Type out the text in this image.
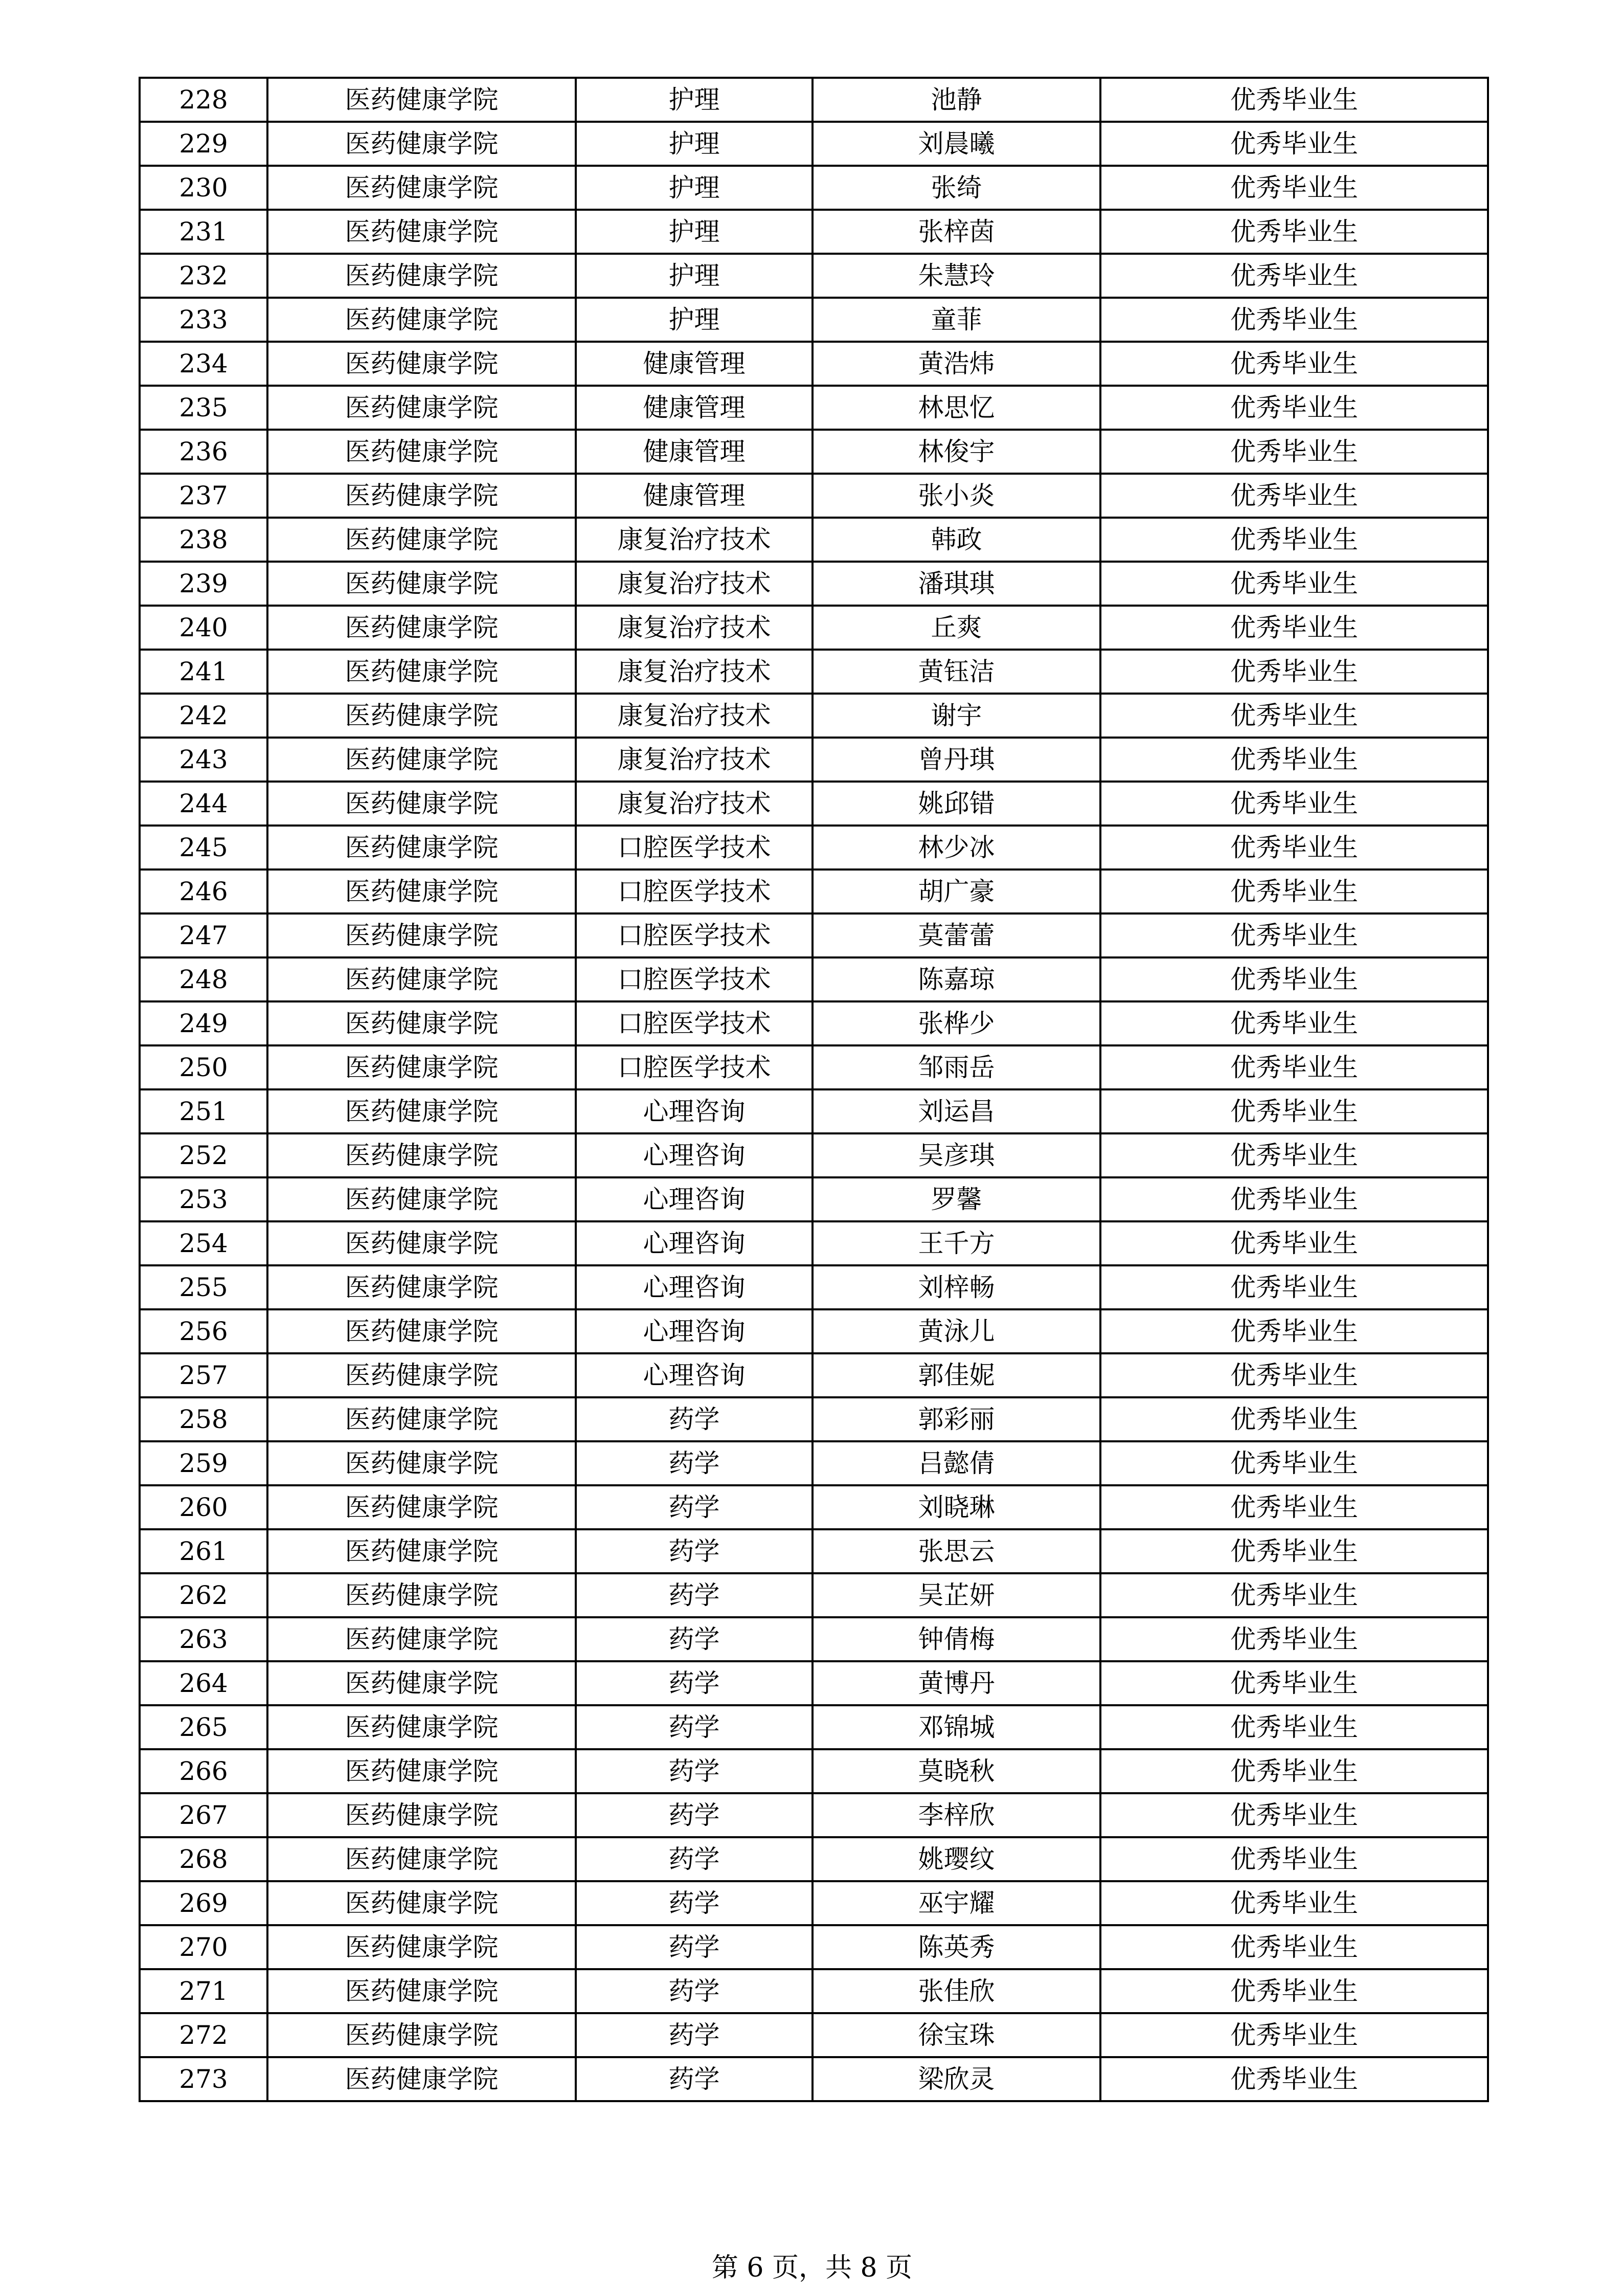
228	医药健康学院	护理	池静	优秀毕业生
229	医药健康学院	护理	刘晨曦	优秀毕业生
230	医药健康学院	护理	张绮	优秀毕业生
231	医药健康学院	护理	张梓茵	优秀毕业生
232	医药健康学院	护理	朱慧玲	优秀毕业生
233	医药健康学院	护理	童菲	优秀毕业生
234	医药健康学院	健康管理	黄浩炜	优秀毕业生
235	医药健康学院	健康管理	林思忆	优秀毕业生
236	医药健康学院	健康管理	林俊宇	优秀毕业生
237	医药健康学院	健康管理	张小炎	优秀毕业生
238	医药健康学院	康复治疗技术	韩政	优秀毕业生
239	医药健康学院	康复治疗技术	潘琪琪	优秀毕业生
240	医药健康学院	康复治疗技术	丘爽	优秀毕业生
241	医药健康学院	康复治疗技术	黄钰洁	优秀毕业生
242	医药健康学院	康复治疗技术	谢宇	优秀毕业生
243	医药健康学院	康复治疗技术	曾丹琪	优秀毕业生
244	医药健康学院	康复治疗技术	姚邱错	优秀毕业生
245	医药健康学院	口腔医学技术	林少冰	优秀毕业生
246	医药健康学院	口腔医学技术	胡广豪	优秀毕业生
247	医药健康学院	口腔医学技术	莫蕾蕾	优秀毕业生
248	医药健康学院	口腔医学技术	陈嘉琼	优秀毕业生
249	医药健康学院	口腔医学技术	张桦少	优秀毕业生
250	医药健康学院	口腔医学技术	邹雨岳	优秀毕业生
251	医药健康学院	心理咨询	刘运昌	优秀毕业生
252	医药健康学院	心理咨询	吴彦琪	优秀毕业生
253	医药健康学院	心理咨询	罗馨	优秀毕业生
254	医药健康学院	心理咨询	王千方	优秀毕业生
255	医药健康学院	心理咨询	刘梓畅	优秀毕业生
256	医药健康学院	心理咨询	黄泳儿	优秀毕业生
257	医药健康学院	心理咨询	郭佳妮	优秀毕业生
258	医药健康学院	药学	郭彩丽	优秀毕业生
259	医药健康学院	药学	吕懿倩	优秀毕业生
260	医药健康学院	药学	刘晓琳	优秀毕业生
261	医药健康学院	药学	张思云	优秀毕业生
262	医药健康学院	药学	吴芷妍	优秀毕业生
263	医药健康学院	药学	钟倩梅	优秀毕业生
264	医药健康学院	药学	黄博丹	优秀毕业生
265	医药健康学院	药学	邓锦城	优秀毕业生
266	医药健康学院	药学	莫晓秋	优秀毕业生
267	医药健康学院	药学	李梓欣	优秀毕业生
268	医药健康学院	药学	姚璎纹	优秀毕业生
269	医药健康学院	药学	巫宇耀	优秀毕业生
270	医药健康学院	药学	陈英秀	优秀毕业生
271	医药健康学院	药学	张佳欣	优秀毕业生
272	医药健康学院	药学	徐宝珠	优秀毕业生
273	医药健康学院	药学	梁欣灵	优秀毕业生
第 6 页，共 8 页
